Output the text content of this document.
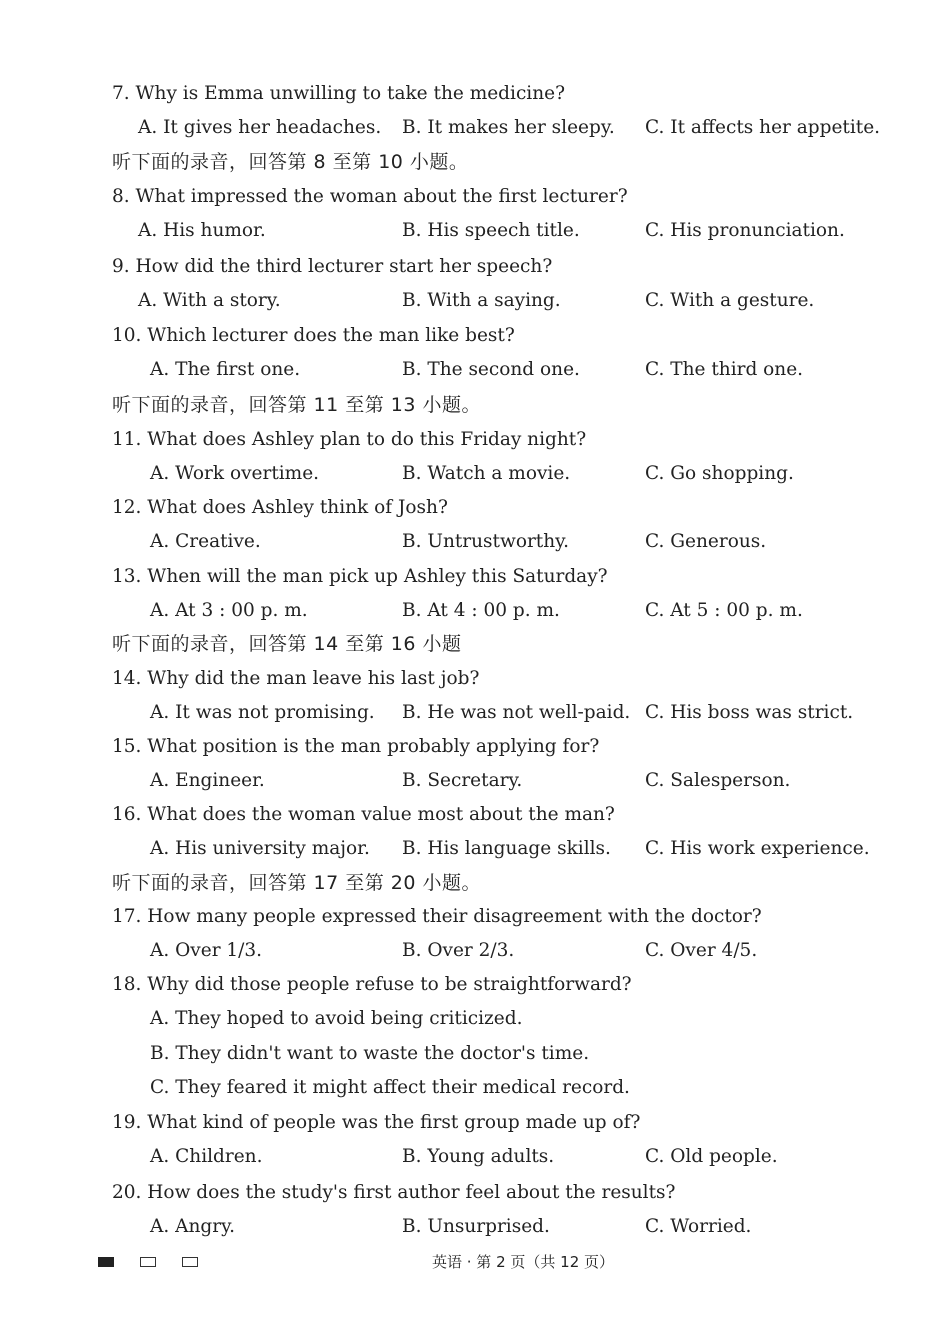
7. Why is Emma unwilling to take the medicine?
A. It gives her headaches. B. It makes her sleepy. C. It affects her appetite.
听下面的录音，回答第 8 至第 10 小题。
8. What impressed the woman about the first lecturer?
A. His humor.	B. His speech title.	C. His pronunciation.
9. How did the third lecturer start her speech?
A. With a story.	B. With a saying.	C. With a gesture.
10. Which lecturer does the man like best?
A. The first one.	B. The second one.	C. The third one.
听下面的录音，回答第 11 至第 13 小题。
11. What does Ashley plan to do this Friday night?
A. Work overtime.	B. Watch a movie.	C. Go shopping.
12. What does Ashley think of Josh?
A. Creative.	B. Untrustworthy.	C. Generous.
13. When will the man pick up Ashley this Saturday?
A. At 3 : 00 p. m.	B. At 4 : 00 p. m.	C. At 5 : 00 p. m.
听下面的录音，回答第 14 至第 16 小题
14. Why did the man leave his last job?
A. It was not promising. B. He was not well-paid. C. His boss was strict.
15. What position is the man probably applying for?
A. Engineer.	B. Secretary.	C. Salesperson.
16. What does the woman value most about the man?
A. His university major. B. His language skills. C. His work experience.
听下面的录音，回答第 17 至第 20 小题。
17. How many people expressed their disagreement with the doctor?
A. Over 1/3.	B. Over 2/3.	C. Over 4/5.
18. Why did those people refuse to be straightforward?
A. They hoped to avoid being criticized.
B. They didn't want to waste the doctor's time.
C. They feared it might affect their medical record.
19. What kind of people was the first group made up of?
A. Children.	B. Young adults.	C. Old people.
20. How does the study's first author feel about the results?
A. Angry.	B. Unsurprised.	C. Worried.
英语 · 第 2 页（共 12 页）
